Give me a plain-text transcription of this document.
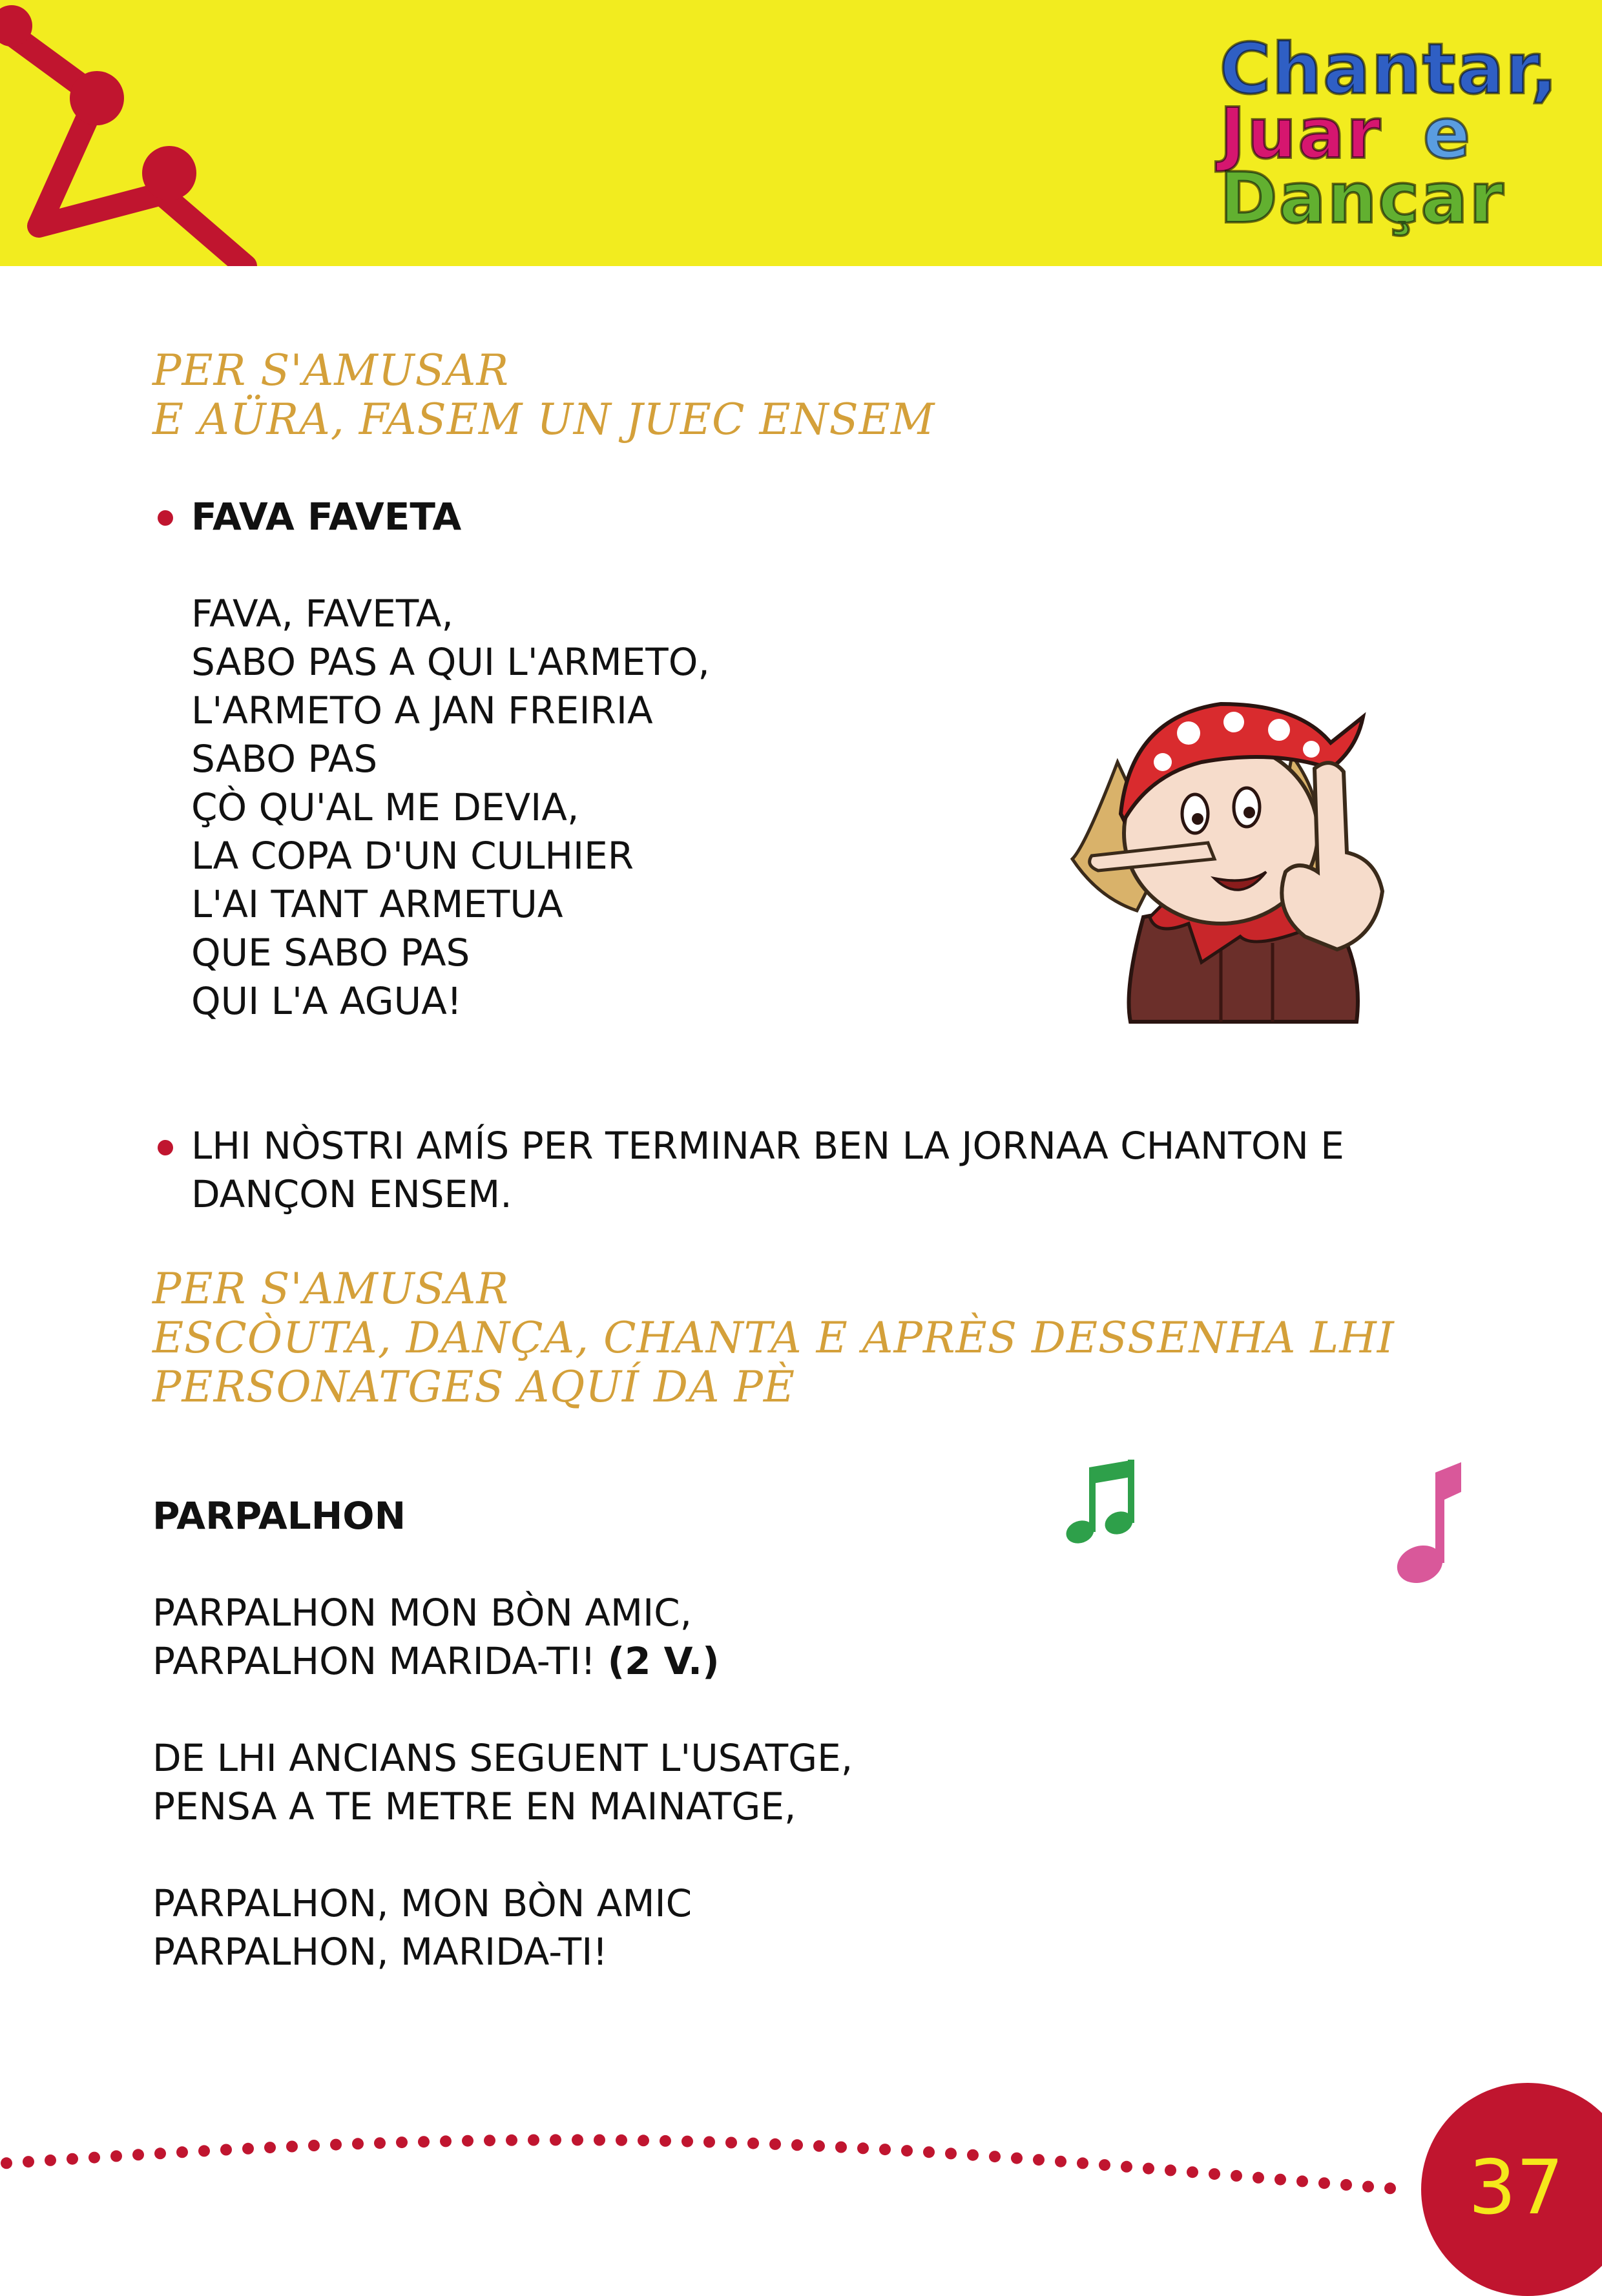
Chantar,
Juar e
Dançar
PER S'AMUSAR
E AÜRA, FASEM UN JUEC ENSEM
FAVA FAVETA
FAVA, FAVETA,
SABO PAS A QUI L'ARMETO,
L'ARMETO A JAN FREIRIA
SABO PAS
ÇÒ QU'AL ME DEVIA,
LA COPA D'UN CULHIER
L'AI TANT ARMETUA
QUE SABO PAS
QUI L'A AGUA!
LHI NÒSTRI AMÍS PER TERMINAR BEN LA JORNAA CHANTON E
DANÇON ENSEM.
PER S'AMUSAR
ESCÒUTA, DANÇA, CHANTA E APRÈS DESSENHA LHI
PERSONATGES AQUÍ DA PÈ
PARPALHON
PARPALHON MON BÒN AMIC,
PARPALHON MARIDA-TI! (2 V.)
DE LHI ANCIANS SEGUENT L'USATGE,
PENSA A TE METRE EN MAINATGE,
PARPALHON, MON BÒN AMIC
PARPALHON, MARIDA-TI!
37
